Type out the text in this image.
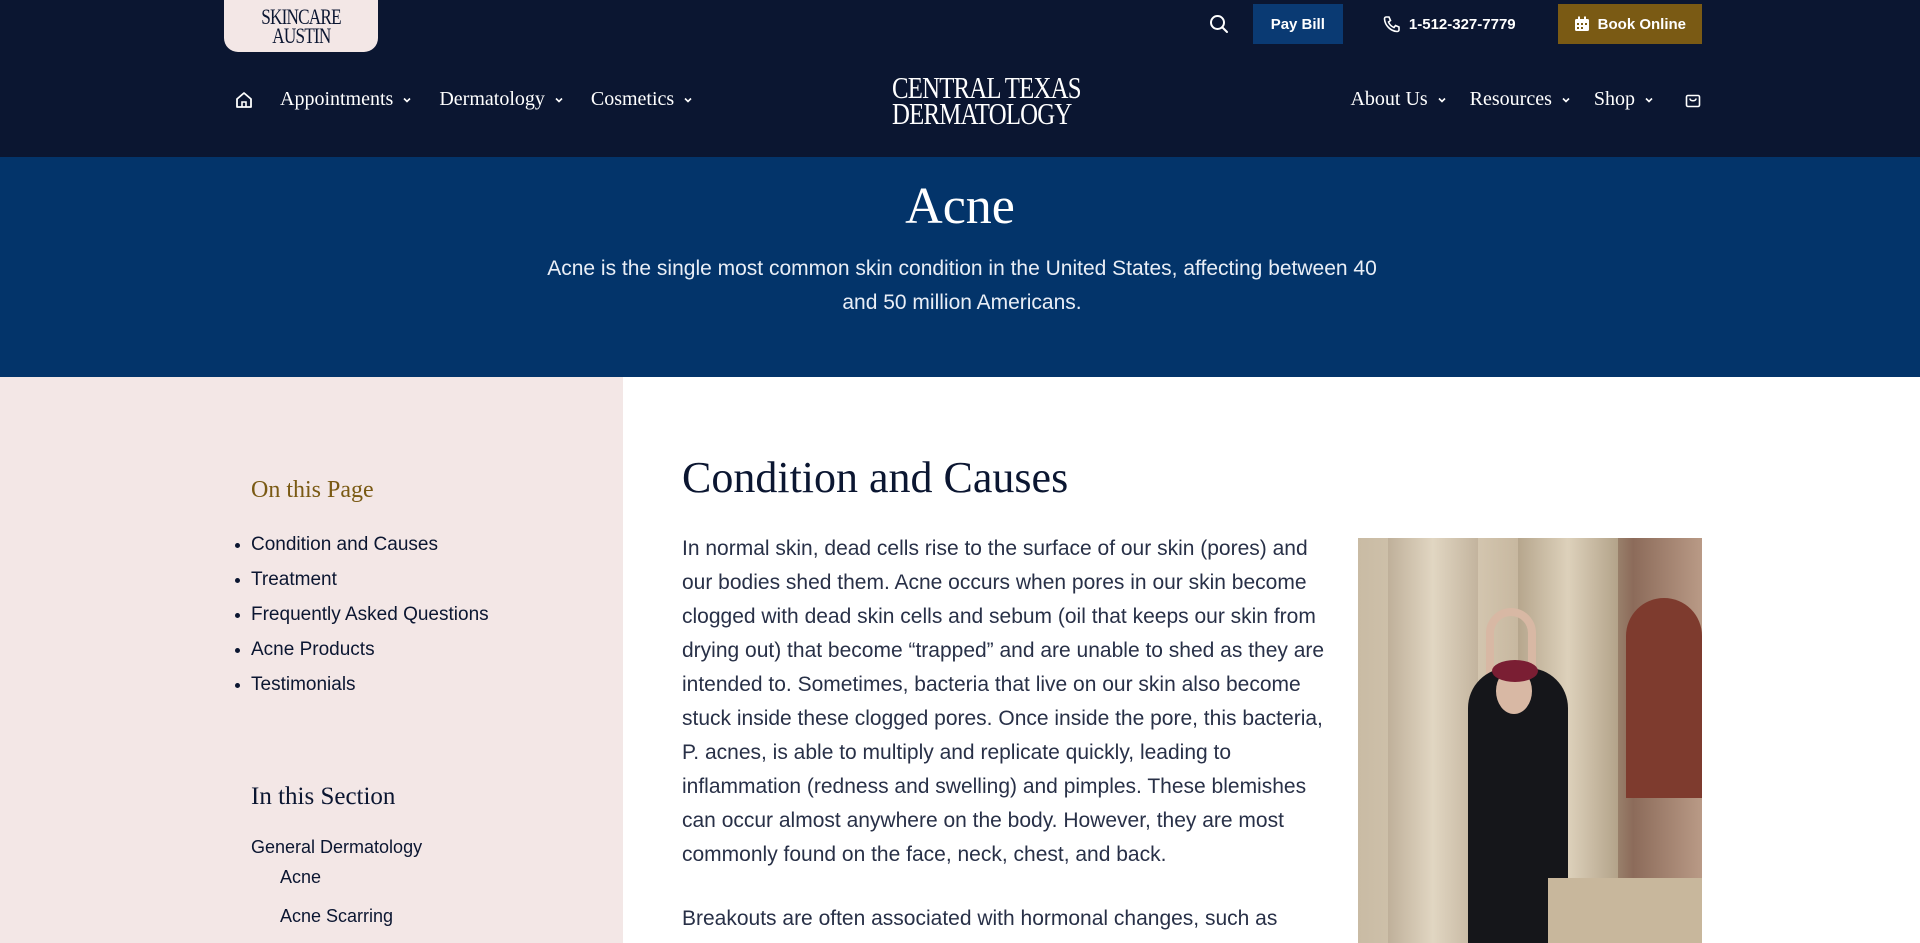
SKINCARE
AUSTIN	Pay Bill	1-512-327-7779	Book Online
Appointments Dermatology Cosmetics	CENTRAL TEXAS
DERMATOLOGY	About Us Resources Shop
Acne

Acne is the single most common skin condition in the United States, affecting between 40 and 50 million Americans.

On this Page
Condition and Causes
Treatment
Frequently Asked Questions
Acne Products
Testimonials
In this Section
General Dermatology
Acne
Acne Scarring
Condition and Causes

In normal skin, dead cells rise to the surface of our skin (pores) and our bodies shed them. Acne occurs when pores in our skin become clogged with dead skin cells and sebum (oil that keeps our skin from drying out) that become “trapped” and are unable to shed as they are intended to. Sometimes, bacteria that live on our skin also become stuck inside these clogged pores. Once inside the pore, this bacteria, P. acnes, is able to multiply and replicate quickly, leading to inflammation (redness and swelling) and pimples. These blemishes can occur almost anywhere on the body. However, they are most commonly found on the face, neck, chest, and back.

Breakouts are often associated with hormonal changes, such as
